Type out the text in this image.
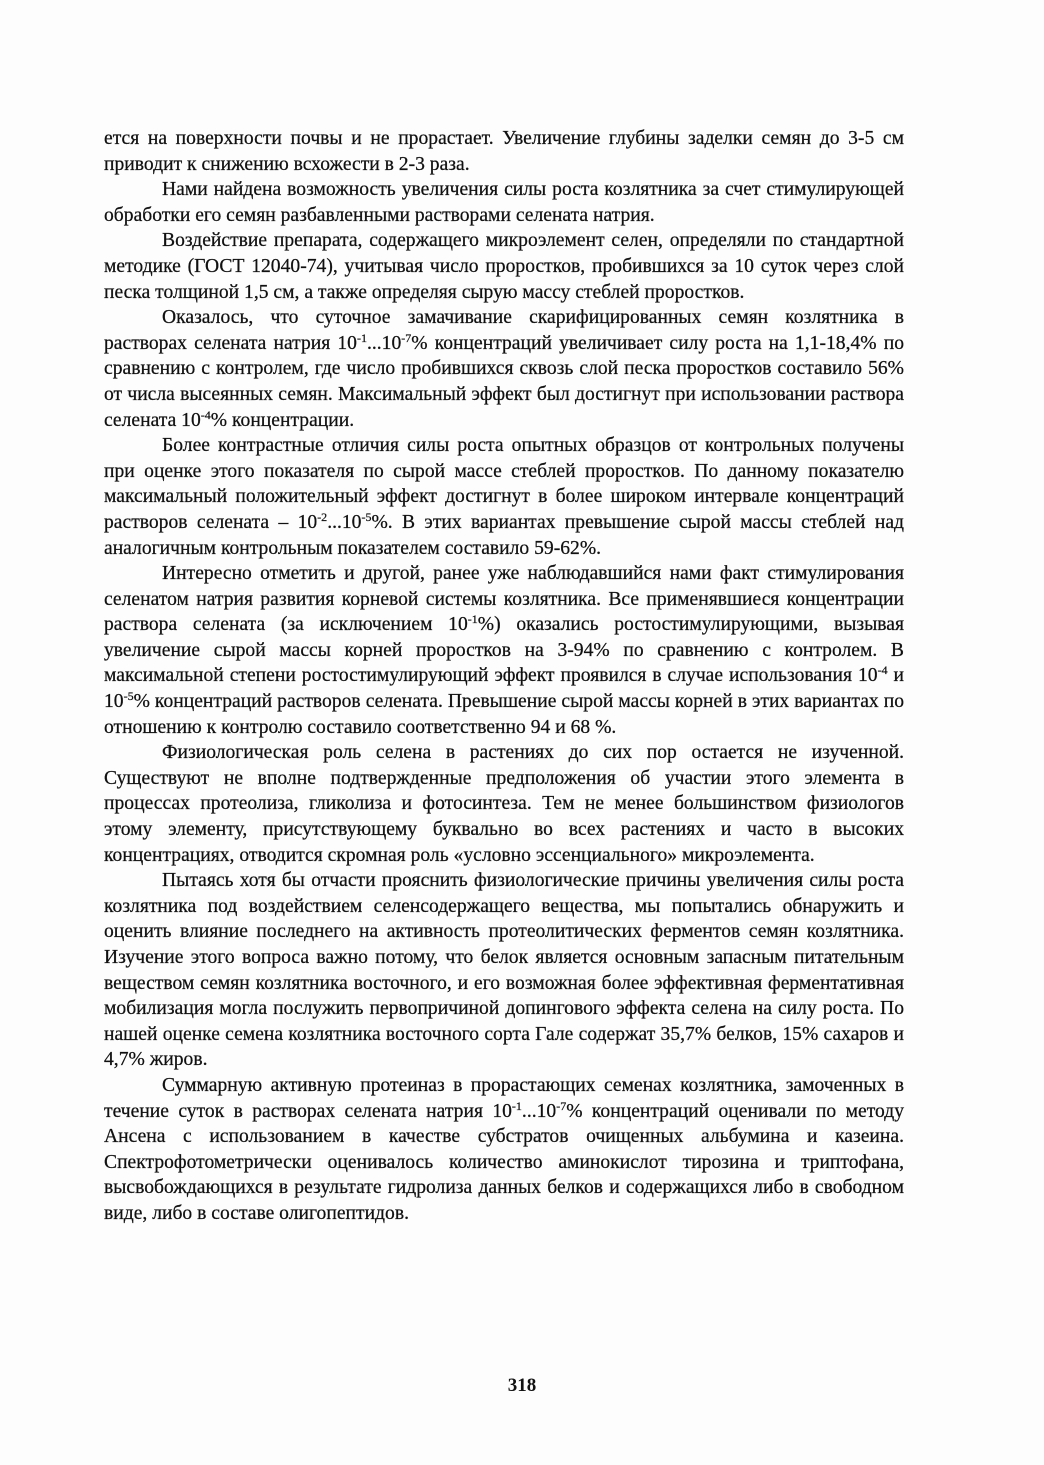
ется на поверхности почвы и не прорастает. Увеличение глубины заделки семян до 3-5 см приводит к снижению всхожести в 2-3 раза.

Нами найдена возможность увеличения силы роста козлятника за счет стимулирующей обработки его семян разбавленными растворами селената натрия.

Воздействие препарата, содержащего микроэлемент селен, определяли по стандартной методике (ГОСТ 12040-74), учитывая число проростков, пробившихся за 10 суток через слой песка толщиной 1,5 см, а также определяя сырую массу стеблей проростков.

Оказалось, что суточное замачивание скарифицированных семян козлятника в растворах селената натрия $10^{-1}...10^{-7}\%$ концентраций увеличивает силу роста на 1,1-18,4% по сравнению с контролем, где число пробившихся сквозь слой песка проростков составило 56% от числа высеянных семян. Максимальный эффект был достигнут при использовании раствора селената $10^{-4}\%$ концентрации.

Более контрастные отличия силы роста опытных образцов от контрольных получены при оценке этого показателя по сырой массе стеблей проростков. По данному показателю максимальный положительный эффект достигнут в более широком интервале концентраций растворов селената – $10^{-2}...10^{-5}\%$. В этих вариантах превышение сырой массы стеблей над аналогичным контрольным показателем составило 59-62%.

Интересно отметить и другой, ранее уже наблюдавшийся нами факт стимулирования селенатом натрия развития корневой системы козлятника. Все применявшиеся концентрации раствора селената (за исключением $10^{-1}\%$) оказались ростостимулирующими, вызывая увеличение сырой массы корней проростков на 3-94% по сравнению с контролем. В максимальной степени ростостимулирующий эффект проявился в случае использования $10^{-4}$ и $10^{-5}\%$ концентраций растворов селената. Превышение сырой массы корней в этих вариантах по отношению к контролю составило соответственно 94 и 68 %.

Физиологическая роль селена в растениях до сих пор остается не изученной. Существуют не вполне подтвержденные предположения об участии этого элемента в процессах протеолиза, гликолиза и фотосинтеза. Тем не менее большинством физиологов этому элементу, присутствующему буквально во всех растениях и часто в высоких концентрациях, отводится скромная роль «условно эссенциального» микроэлемента.

Пытаясь хотя бы отчасти прояснить физиологические причины увеличения силы роста козлятника под воздействием селенсодержащего вещества, мы попытались обнаружить и оценить влияние последнего на активность протеолитических ферментов семян козлятника. Изучение этого вопроса важно потому, что белок является основным запасным питательным веществом семян козлятника восточного, и его возможная более эффективная ферментативная мобилизация могла послужить первопричиной допингового эффекта селена на силу роста. По нашей оценке семена козлятника восточного сорта Гале содержат 35,7% белков, 15% сахаров и 4,7% жиров.

Суммарную активную протеиназ в прорастающих семенах козлятника, замоченных в течение суток в растворах селената натрия $10^{-1}...10^{-7}\%$ концентраций оценивали по методу Ансена с использованием в качестве субстратов очищенных альбумина и казеина. Спектрофотометрически оценивалось количество аминокислот тирозина и триптофана, высвобождающихся в результате гидролиза данных белков и содержащихся либо в свободном виде, либо в составе олигопептидов.

318
